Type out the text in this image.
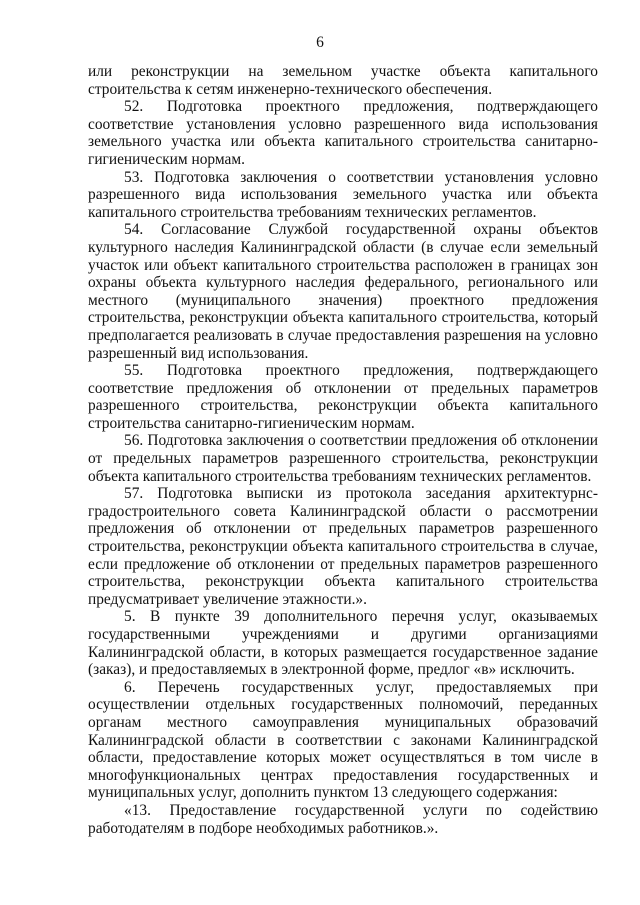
6

или реконструкции на земельном участке объекта капитального строительства к сетям инженерно-технического обеспечения.

52. Подготовка проектного предложения, подтверждающего соответствие установления условно разрешенного вида использования земельного участка или объекта капитального строительства санитарно-гигиеническим нормам.

53. Подготовка заключения о соответствии установления условно разрешенного вида использования земельного участка или объекта капитального строительства требованиям технических регламентов.

54. Согласование Службой государственной охраны объектов культурного наследия Калининградской области (в случае если земельный участок или объект капитального строительства расположен в границах зон охраны объекта культурного наследия федерального, регионального или местного (муниципального значения) проектного предложения строительства, реконструкции объекта капитального строительства, который предполагается реализовать в случае предоставления разрешения на условно разрешенный вид использования.

55. Подготовка проектного предложения, подтверждающего соответствие предложения об отклонении от предельных параметров разрешенного строительства, реконструкции объекта капитального строительства санитарно-гигиеническим нормам.

56. Подготовка заключения о соответствии предложения об отклонении от предельных параметров разрешенного строительства, реконструкции объекта капитального строительства требованиям технических регламентов.

57. Подготовка выписки из протокола заседания архитектурнс-градостроительного совета Калининградской области о рассмотрении предложения об отклонении от предельных параметров разрешенного строительства, реконструкции объекта капитального строительства в случае, если предложение об отклонении от предельных параметров разрешенного строительства, реконструкции объекта капитального строительства предусматривает увеличение этажности.».

5. В пункте 39 дополнительного перечня услуг, оказываемых государственными учреждениями и другими организациями Калининградской области, в которых размещается государственное задание (заказ), и предоставляемых в электронной форме, предлог «в» исключить.

6. Перечень государственных услуг, предоставляемых при осуществлении отдельных государственных полномочий, переданных органам местного самоуправления муниципальных образовачий Калининградской области в соответствии с законами Калининградской области, предоставление которых может осуществляться в том числе в многофункциональных центрах предоставления государственных и муниципальных услуг, дополнить пунктом 13 следующего содержания:

«13. Предоставление государственной услуги по содействию работодателям в подборе необходимых работников.».
